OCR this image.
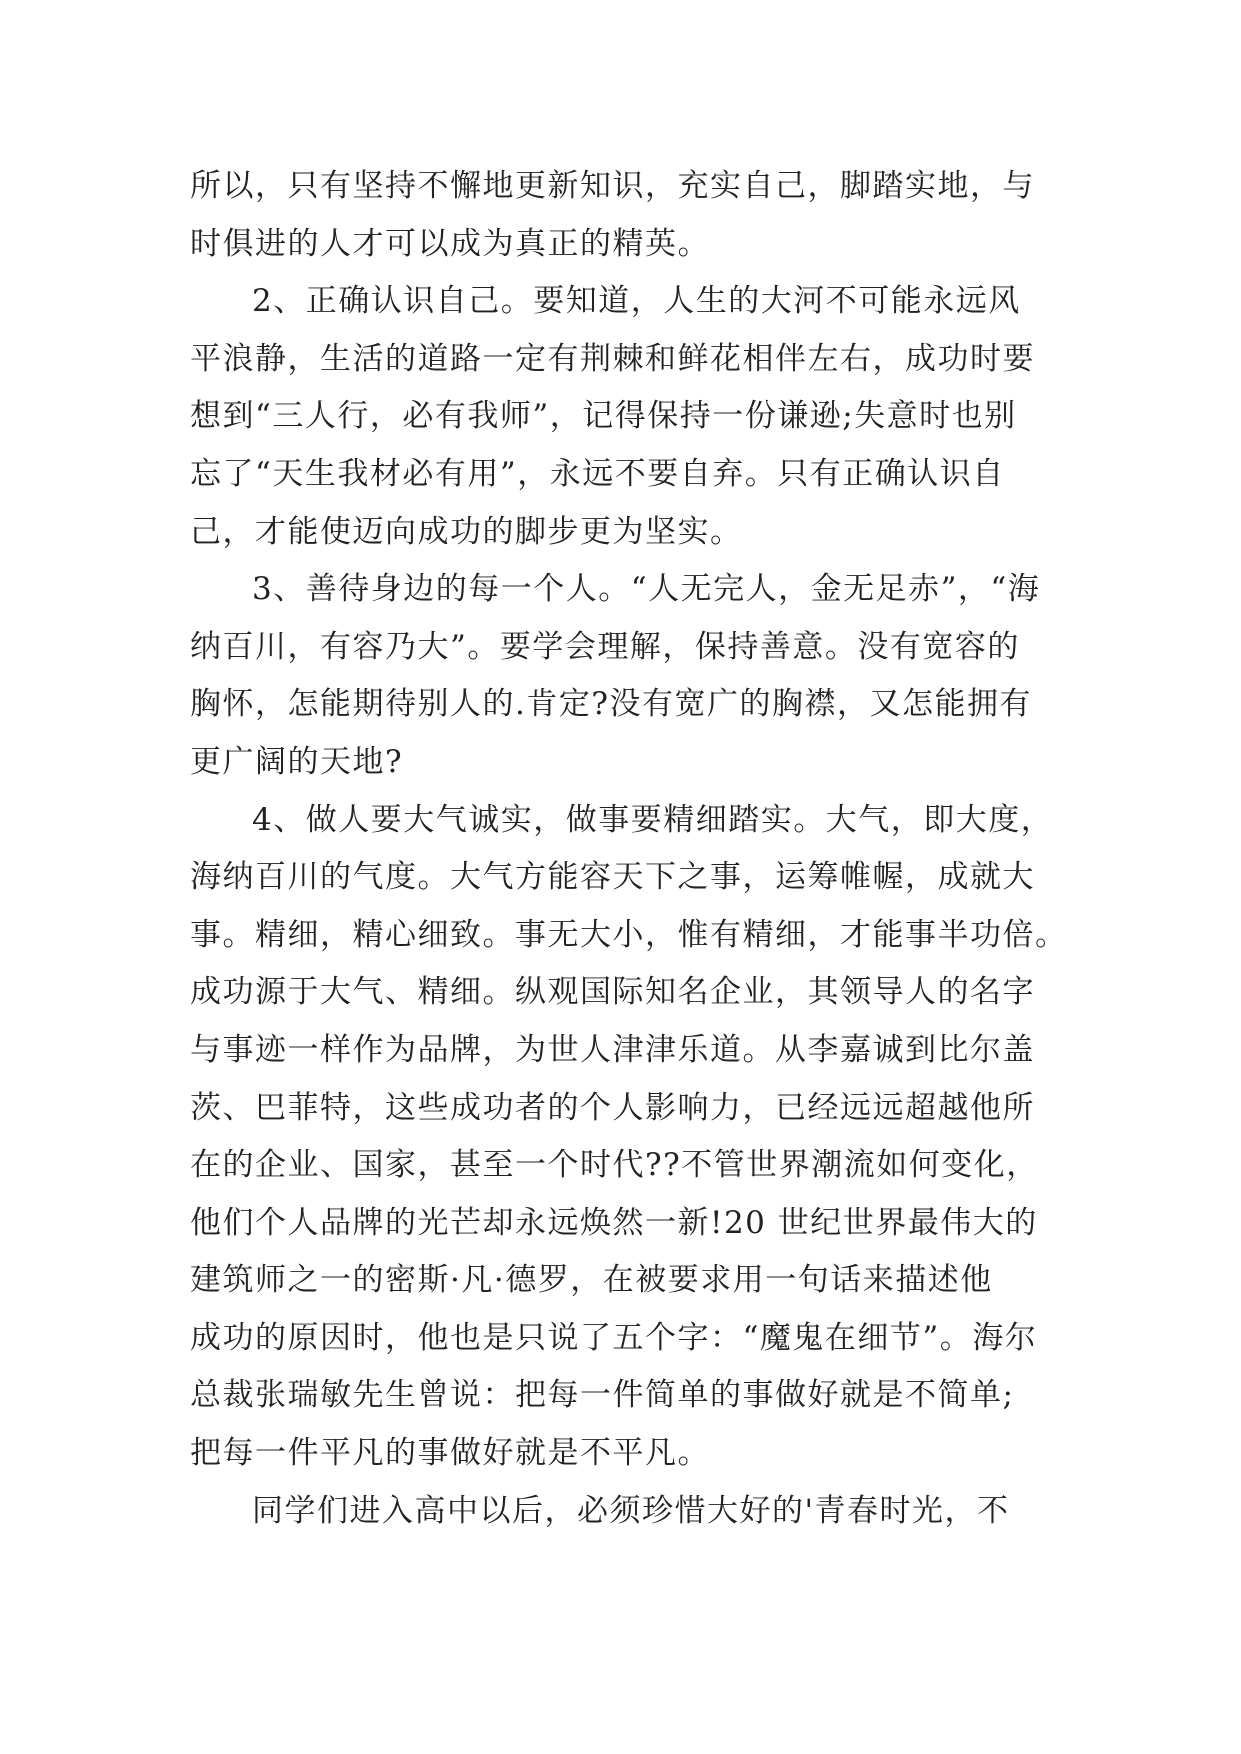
所以，只有坚持不懈地更新知识，充实自己，脚踏实地，与
时俱进的人才可以成为真正的精英。
2、正确认识自己。要知道，人生的大河不可能永远风
平浪静，生活的道路一定有荆棘和鲜花相伴左右，成功时要
想到“三人行，必有我师”，记得保持一份谦逊;失意时也别
忘了“天生我材必有用”，永远不要自弃。只有正确认识自
己，才能使迈向成功的脚步更为坚实。
3、善待身边的每一个人。“人无完人，金无足赤”，“海
纳百川，有容乃大”。要学会理解，保持善意。没有宽容的
胸怀，怎能期待别人的.肯定?没有宽广的胸襟，又怎能拥有
更广阔的天地?
4、做人要大气诚实，做事要精细踏实。大气，即大度，
海纳百川的气度。大气方能容天下之事，运筹帷幄，成就大
事。精细，精心细致。事无大小，惟有精细，才能事半功倍。
成功源于大气、精细。纵观国际知名企业，其领导人的名字
与事迹一样作为品牌，为世人津津乐道。从李嘉诚到比尔盖
茨、巴菲特，这些成功者的个人影响力，已经远远超越他所
在的企业、国家，甚至一个时代??不管世界潮流如何变化，
他们个人品牌的光芒却永远焕然一新!20 世纪世界最伟大的
建筑师之一的密斯·凡·德罗，在被要求用一句话来描述他
成功的原因时，他也是只说了五个字：“魔鬼在细节”。海尔
总裁张瑞敏先生曾说：把每一件简单的事做好就是不简单;
把每一件平凡的事做好就是不平凡。
同学们进入高中以后，必须珍惜大好的'青春时光，不
